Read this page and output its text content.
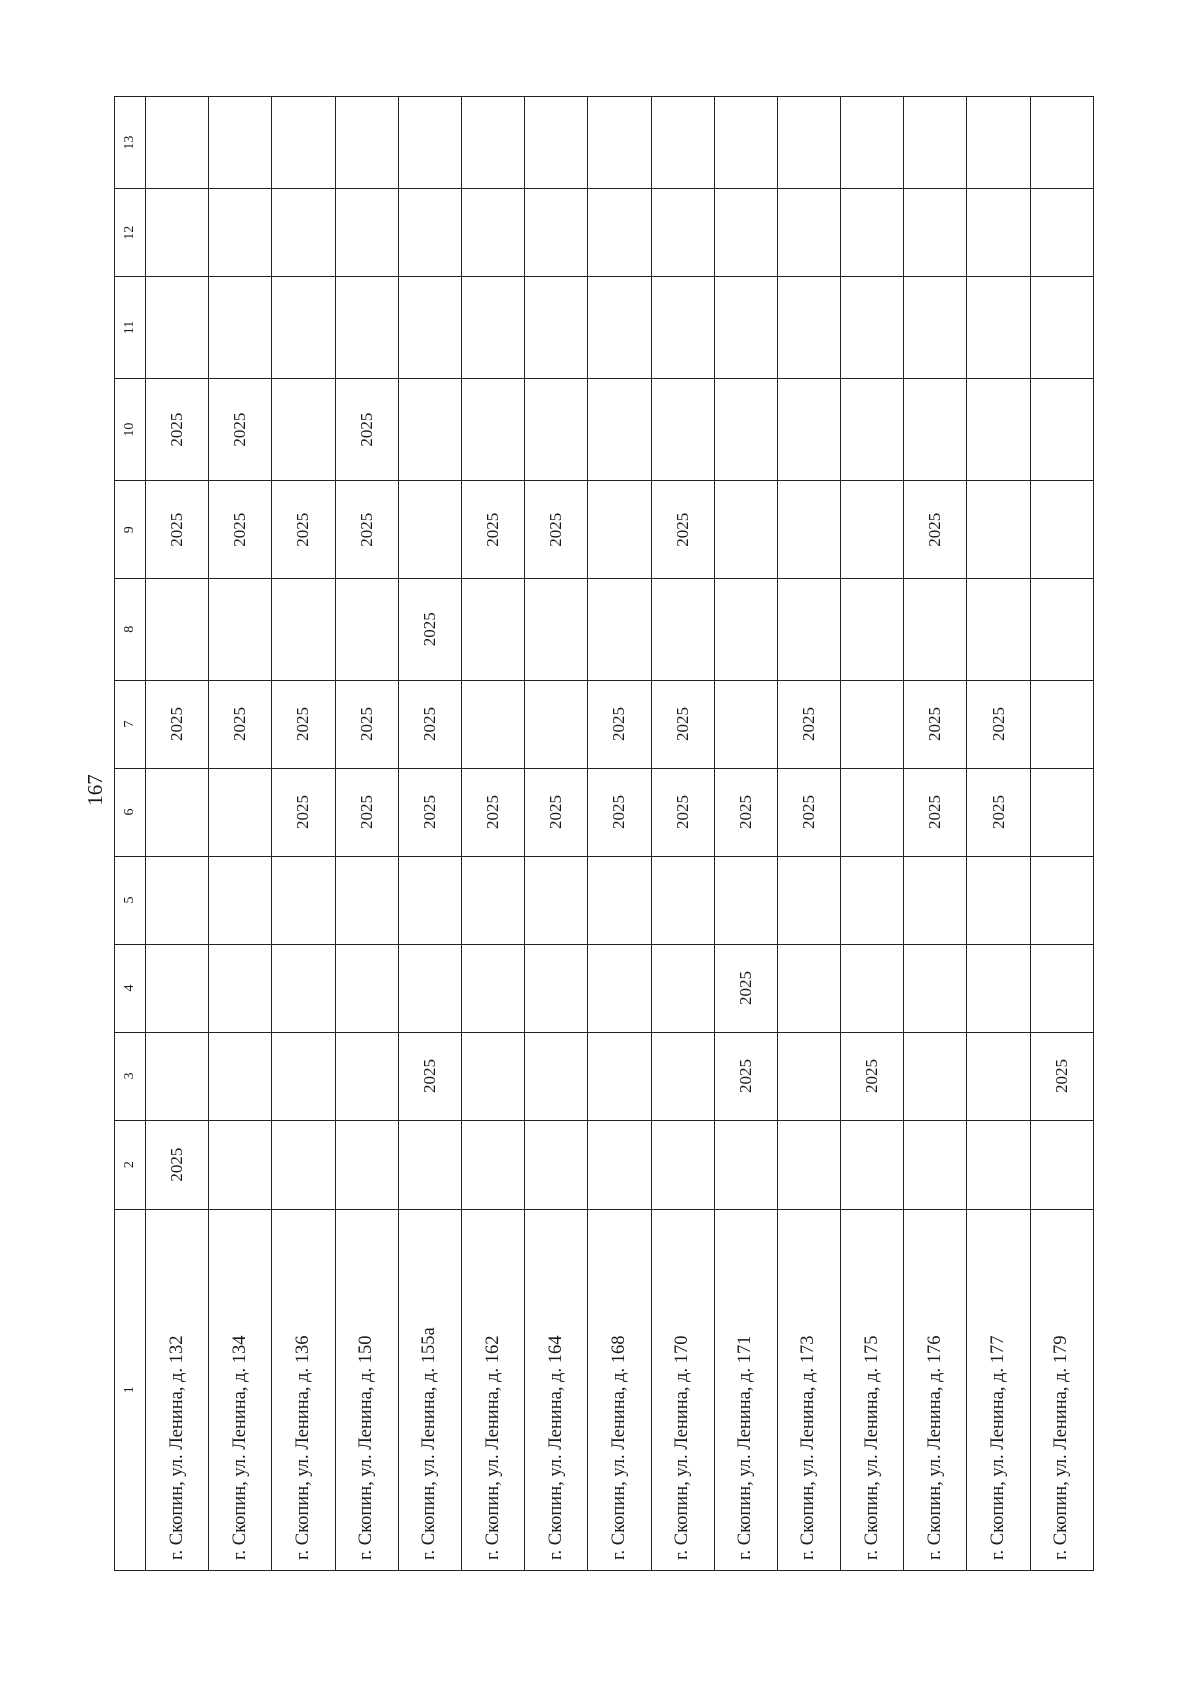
167
1	2	3	4	5	6	7	8	9	10	11	12	13
г. Скопин, ул. Ленина, д. 132	2025					2025		2025	2025			
г. Скопин, ул. Ленина, д. 134						2025		2025	2025			
г. Скопин, ул. Ленина, д. 136					2025	2025		2025				
г. Скопин, ул. Ленина, д. 150					2025	2025		2025	2025			
г. Скопин, ул. Ленина, д. 155а		2025			2025	2025	2025					
г. Скопин, ул. Ленина, д. 162					2025			2025				
г. Скопин, ул. Ленина, д. 164					2025			2025				
г. Скопин, ул. Ленина, д. 168					2025	2025						
г. Скопин, ул. Ленина, д. 170					2025	2025		2025				
г. Скопин, ул. Ленина, д. 171		2025	2025		2025							
г. Скопин, ул. Ленина, д. 173					2025	2025						
г. Скопин, ул. Ленина, д. 175		2025										
г. Скопин, ул. Ленина, д. 176					2025	2025		2025				
г. Скопин, ул. Ленина, д. 177					2025	2025						
г. Скопин, ул. Ленина, д. 179		2025										
